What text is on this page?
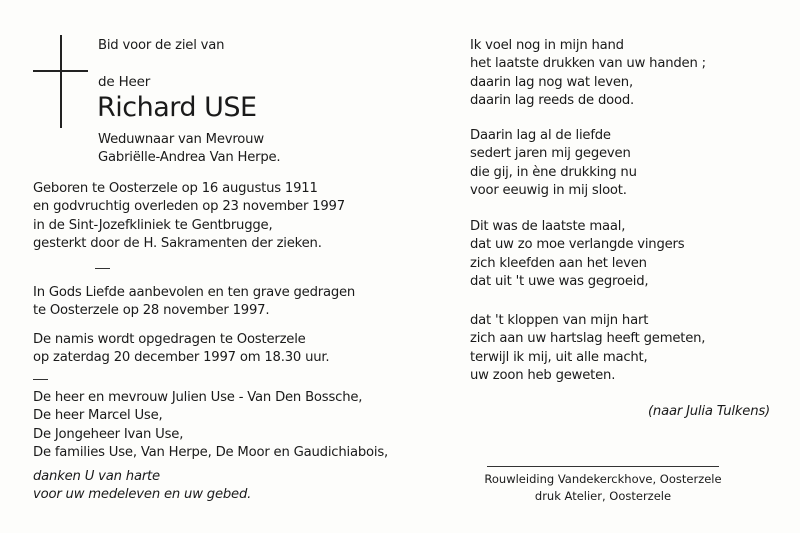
Bid voor de ziel van
de Heer
Richard USE
Weduwnaar van Mevrouw
Gabriëlle-Andrea Van Herpe.
Geboren te Oosterzele op 16 augustus 1911
en godvruchtig overleden op 23 november 1997
in de Sint-Jozefkliniek te Gentbrugge,
gesterkt door de H. Sakramenten der zieken.
In Gods Liefde aanbevolen en ten grave gedragen
te Oosterzele op 28 november 1997.
De namis wordt opgedragen te Oosterzele
op zaterdag 20 december 1997 om 18.30 uur.
De heer en mevrouw Julien Use - Van Den Bossche,
De heer Marcel Use,
De Jongeheer Ivan Use,
De families Use, Van Herpe, De Moor en Gaudichiabois,
danken U van harte
voor uw medeleven en uw gebed.
Ik voel nog in mijn hand
het laatste drukken van uw handen ;
daarin lag nog wat leven,
daarin lag reeds de dood.
Daarin lag al de liefde
sedert jaren mij gegeven
die gij, in ène drukking nu
voor eeuwig in mij sloot.
Dit was de laatste maal,
dat uw zo moe verlangde vingers
zich kleefden aan het leven
dat uit 't uwe was gegroeid,
dat 't kloppen van mijn hart
zich aan uw hartslag heeft gemeten,
terwijl ik mij, uit alle macht,
uw zoon heb geweten.
(naar Julia Tulkens)
Rouwleiding Vandekerckhove, Oosterzele
druk Atelier, Oosterzele
